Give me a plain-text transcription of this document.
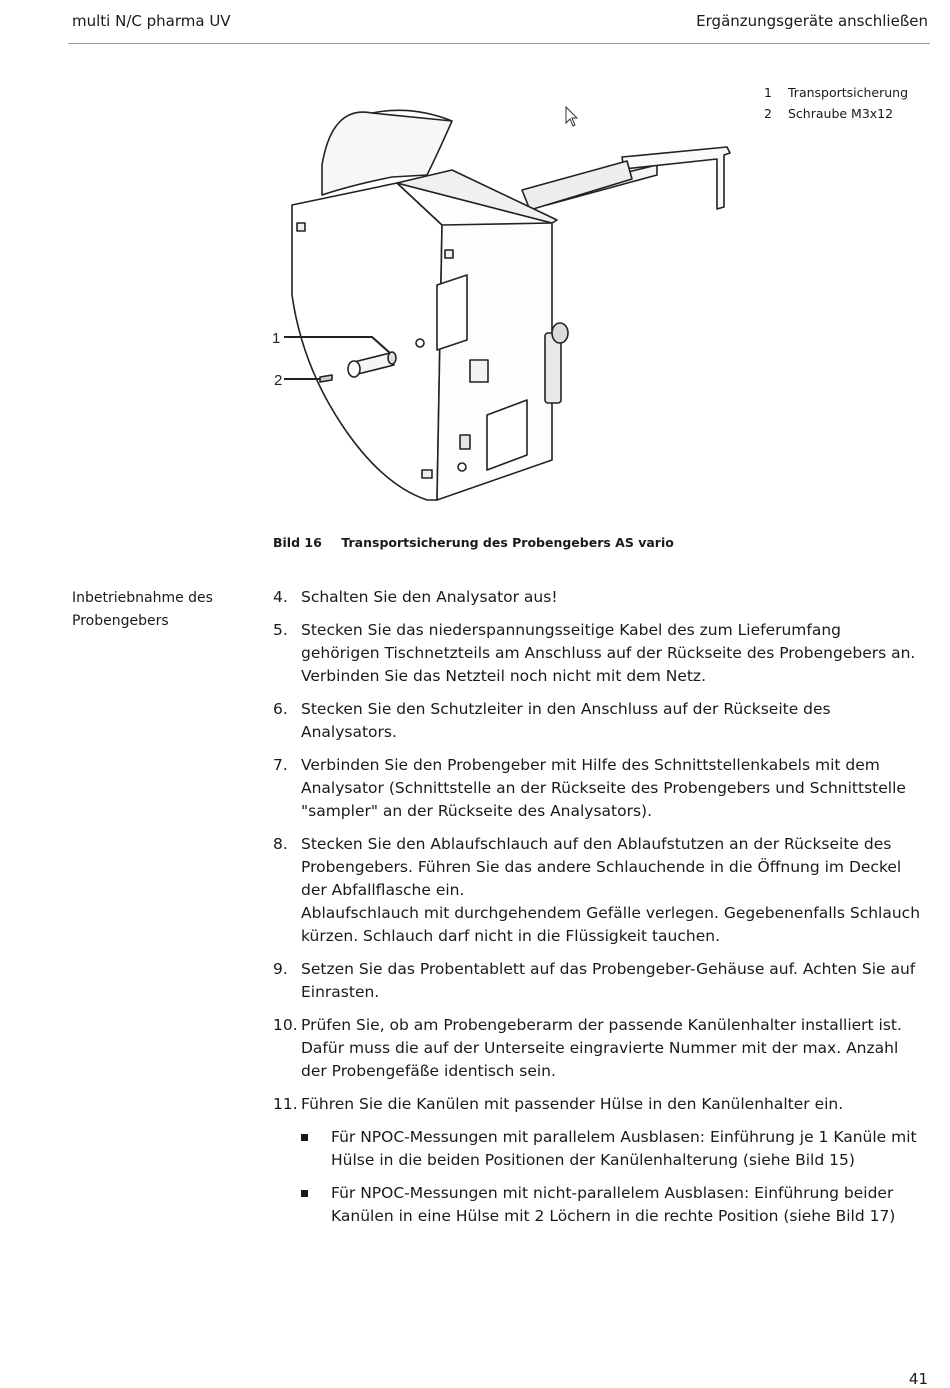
multi N/C pharma UV	Ergänzungsgeräte anschließen
1	Transportsicherung
2	Schraube M3x12
1
2
Bild 16 Transportsicherung des Probengebers AS vario
Inbetriebnahme des Probengebers
4. Schalten Sie den Analysator aus!
5. Stecken Sie das niederspannungsseitige Kabel des zum Lieferumfang gehörigen Tischnetzteils am Anschluss auf der Rückseite des Probengebers an. Verbinden Sie das Netzteil noch nicht mit dem Netz.
6. Stecken Sie den Schutzleiter in den Anschluss auf der Rückseite des Analysators.
7. Verbinden Sie den Probengeber mit Hilfe des Schnittstellenkabels mit dem Analysator (Schnittstelle an der Rückseite des Probengebers und Schnittstelle "sampler" an der Rückseite des Analysators).
8. Stecken Sie den Ablaufschlauch auf den Ablaufstutzen an der Rückseite des Probengebers. Führen Sie das andere Schlauchende in die Öffnung im Deckel der Abfallflasche ein.
Ablaufschlauch mit durchgehendem Gefälle verlegen. Gegebenenfalls Schlauch kürzen. Schlauch darf nicht in die Flüssigkeit tauchen.
9. Setzen Sie das Probentablett auf das Probengeber-Gehäuse auf. Achten Sie auf Einrasten.
10. Prüfen Sie, ob am Probengeberarm der passende Kanülenhalter installiert ist. Dafür muss die auf der Unterseite eingravierte Nummer mit der max. Anzahl der Probengefäße identisch sein.
11. Führen Sie die Kanülen mit passender Hülse in den Kanülenhalter ein.
Für NPOC-Messungen mit parallelem Ausblasen: Einführung je 1 Kanüle mit Hülse in die beiden Positionen der Kanülenhalterung (siehe Bild 15)
Für NPOC-Messungen mit nicht-parallelem Ausblasen: Einführung beider Kanülen in eine Hülse mit 2 Löchern in die rechte Position (siehe Bild 17)
41
